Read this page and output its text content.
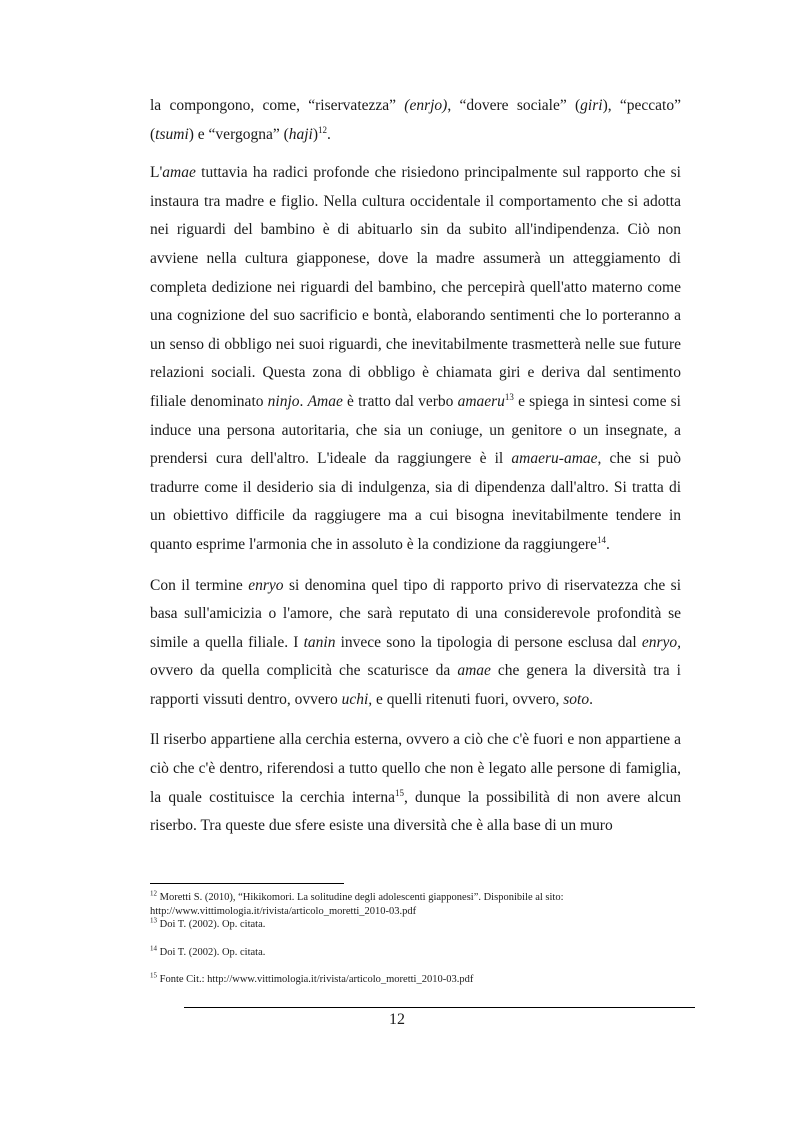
la compongono, come, “riservatezza” (enrjo), “dovere sociale” (giri), “peccato” (tsumi) e “vergogna” (haji)$^{12}$.

L'amae tuttavia ha radici profonde che risiedono principalmente sul rapporto che si instaura tra madre e figlio. Nella cultura occidentale il comportamento che si adotta nei riguardi del bambino è di abituarlo sin da subito all'indipendenza. Ciò non avviene nella cultura giapponese, dove la madre assumerà un atteggiamento di completa dedizione nei riguardi del bambino, che percepirà quell'atto materno come una cognizione del suo sacrificio e bontà, elaborando sentimenti che lo porteranno a un senso di obbligo nei suoi riguardi, che inevitabilmente trasmetterà nelle sue future relazioni sociali. Questa zona di obbligo è chiamata giri e deriva dal sentimento filiale denominato ninjo. Amae è tratto dal verbo amaeru$^{13}$ e spiega in sintesi come si induce una persona autoritaria, che sia un coniuge, un genitore o un insegnate, a prendersi cura dell'altro. L'ideale da raggiungere è il amaeru-amae, che si può tradurre come il desiderio sia di indulgenza, sia di dipendenza dall'altro. Si tratta di un obiettivo difficile da raggiugere ma a cui bisogna inevitabilmente tendere in quanto esprime l'armonia che in assoluto è la condizione da raggiungere$^{14}$.

Con il termine enryo si denomina quel tipo di rapporto privo di riservatezza che si basa sull'amicizia o l'amore, che sarà reputato di una considerevole profondità se simile a quella filiale. I tanin invece sono la tipologia di persone esclusa dal enryo, ovvero da quella complicità che scaturisce da amae che genera la diversità tra i rapporti vissuti dentro, ovvero uchi, e quelli ritenuti fuori, ovvero, soto.

Il riserbo appartiene alla cerchia esterna, ovvero a ciò che c'è fuori e non appartiene a ciò che c'è dentro, riferendosi a tutto quello che non è legato alle persone di famiglia, la quale costituisce la cerchia interna$^{15}$, dunque la possibilità di non avere alcun riserbo. Tra queste due sfere esiste una diversità che è alla base di un muro

$^{12}$ Moretti S. (2010), “Hikikomori. La solitudine degli adolescenti giapponesi”. Disponibile al sito: http://www.vittimologia.it/rivista/articolo_moretti_2010-03.pdf

$^{13}$ Doi T. (2002). Op. citata.

$^{14}$ Doi T. (2002). Op. citata.

$^{15}$ Fonte Cit.: http://www.vittimologia.it/rivista/articolo_moretti_2010-03.pdf

12
